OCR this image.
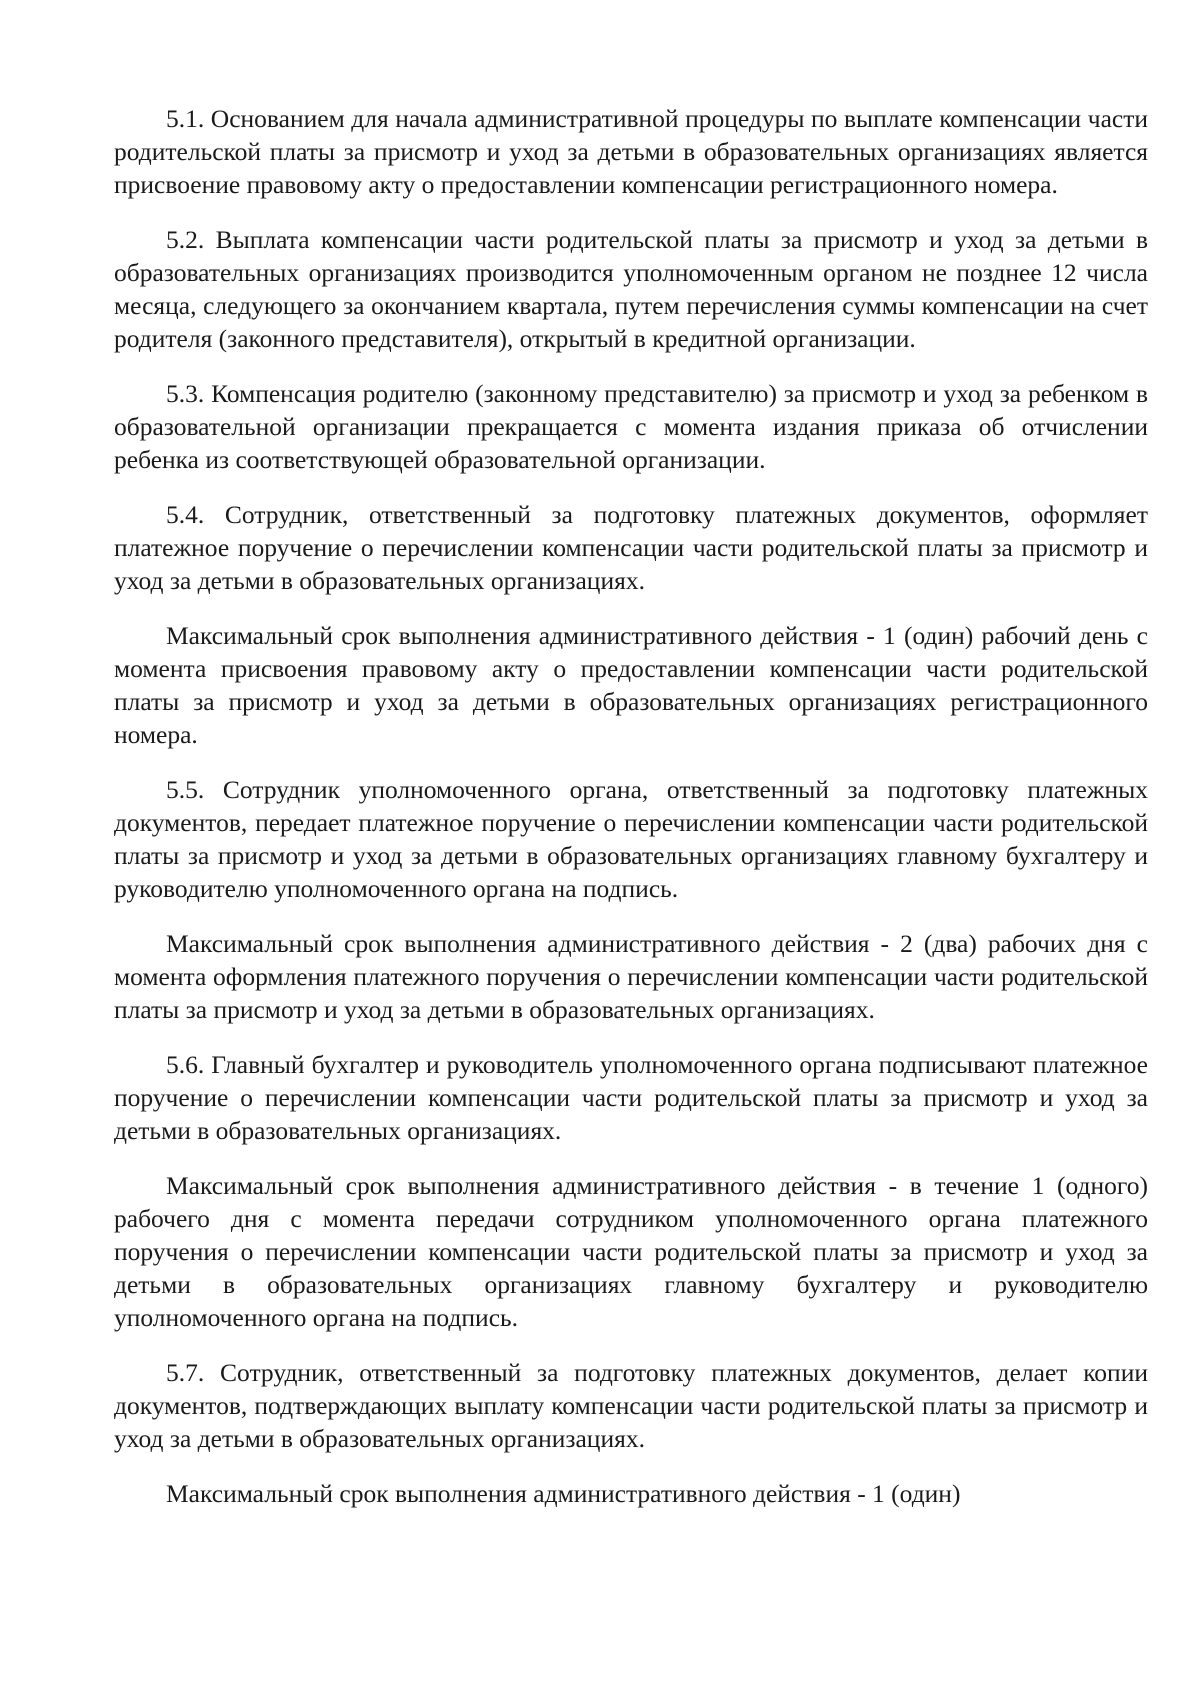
5.1. Основанием для начала административной процедуры по выплате компенсации части родительской платы за присмотр и уход за детьми в образовательных организациях является присвоение правовому акту о предоставлении компенсации регистрационного номера.

5.2. Выплата компенсации части родительской платы за присмотр и уход за детьми в образовательных организациях производится уполномоченным органом не позднее 12 числа месяца, следующего за окончанием квартала, путем перечисления суммы компенсации на счет родителя (законного представителя), открытый в кредитной организации.

5.3. Компенсация родителю (законному представителю) за присмотр и уход за ребенком в образовательной организации прекращается с момента издания приказа об отчислении ребенка из соответствующей образовательной организации.

5.4. Сотрудник, ответственный за подготовку платежных документов, оформляет платежное поручение о перечислении компенсации части родительской платы за присмотр и уход за детьми в образовательных организациях.

Максимальный срок выполнения административного действия - 1 (один) рабочий день с момента присвоения правовому акту о предоставлении компенсации части родительской платы за присмотр и уход за детьми в образовательных организациях регистрационного номера.

5.5. Сотрудник уполномоченного органа, ответственный за подготовку платежных документов, передает платежное поручение о перечислении компенсации части родительской платы за присмотр и уход за детьми в образовательных организациях главному бухгалтеру и руководителю уполномоченного органа на подпись.

Максимальный срок выполнения административного действия - 2 (два) рабочих дня с момента оформления платежного поручения о перечислении компенсации части родительской платы за присмотр и уход за детьми в образовательных организациях.

5.6. Главный бухгалтер и руководитель уполномоченного органа подписывают платежное поручение о перечислении компенсации части родительской платы за присмотр и уход за детьми в образовательных организациях.

Максимальный срок выполнения административного действия - в течение 1 (одного) рабочего дня с момента передачи сотрудником уполномоченного органа платежного поручения о перечислении компенсации части родительской платы за присмотр и уход за детьми в образовательных организациях главному бухгалтеру и руководителю уполномоченного органа на подпись.

5.7. Сотрудник, ответственный за подготовку платежных документов, делает копии документов, подтверждающих выплату компенсации части родительской платы за присмотр и уход за детьми в образовательных организациях.

Максимальный срок выполнения административного действия - 1 (один)
